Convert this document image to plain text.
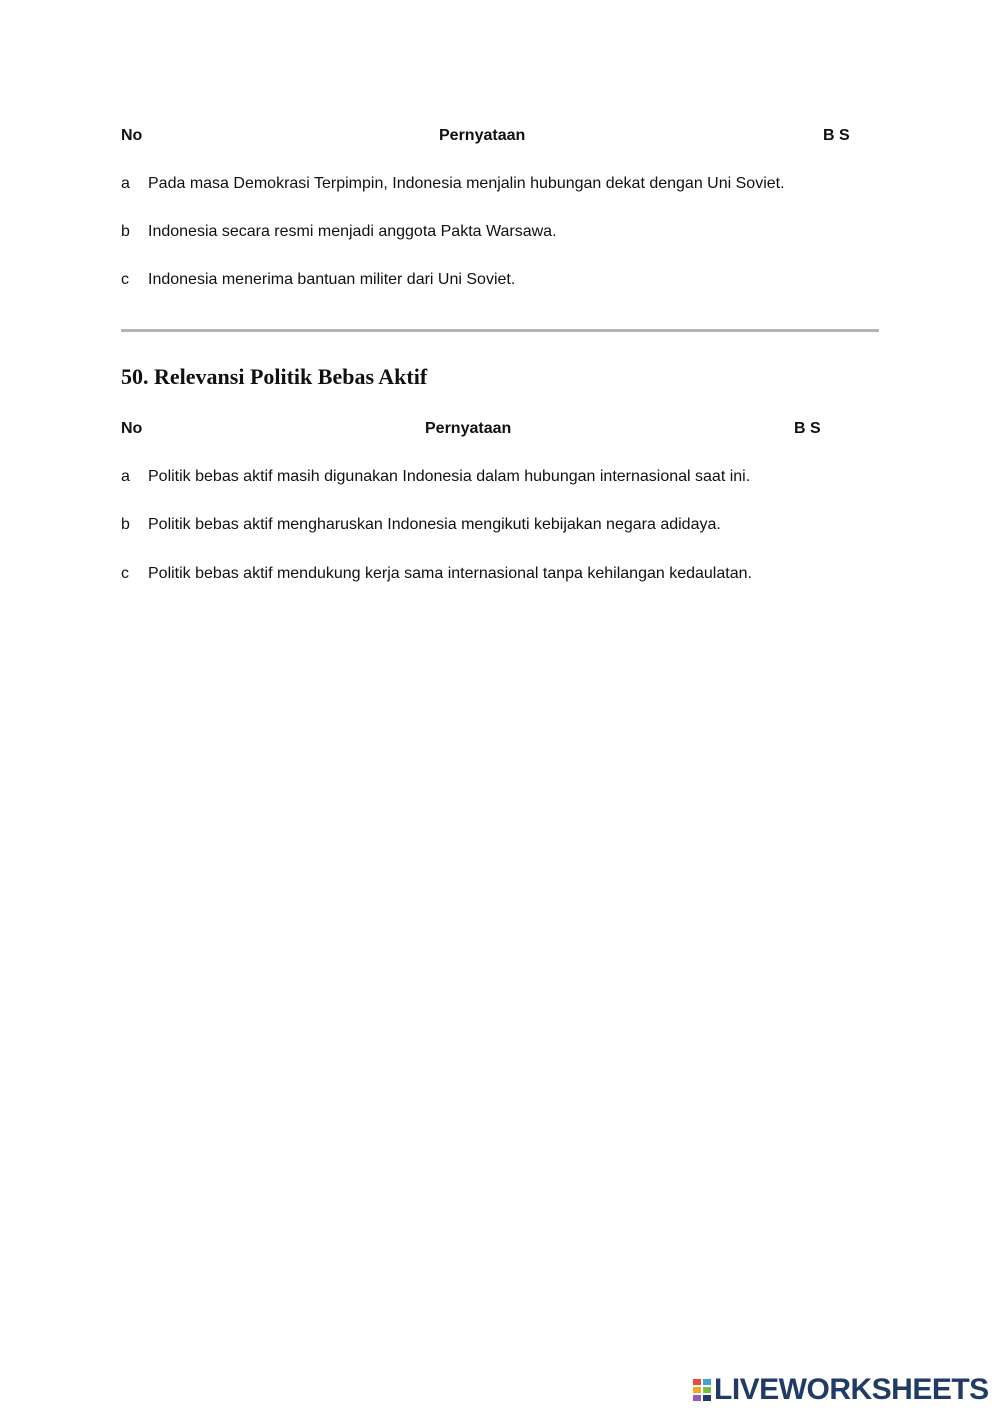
No	Pernyataan	B S
a Pada masa Demokrasi Terpimpin, Indonesia menjalin hubungan dekat dengan Uni Soviet.
b Indonesia secara resmi menjadi anggota Pakta Warsawa.
c Indonesia menerima bantuan militer dari Uni Soviet.
50. Relevansi Politik Bebas Aktif
No	Pernyataan	B S
a Politik bebas aktif masih digunakan Indonesia dalam hubungan internasional saat ini.
b Politik bebas aktif mengharuskan Indonesia mengikuti kebijakan negara adidaya.
c Politik bebas aktif mendukung kerja sama internasional tanpa kehilangan kedaulatan.
LIVEWORKSHEETS
